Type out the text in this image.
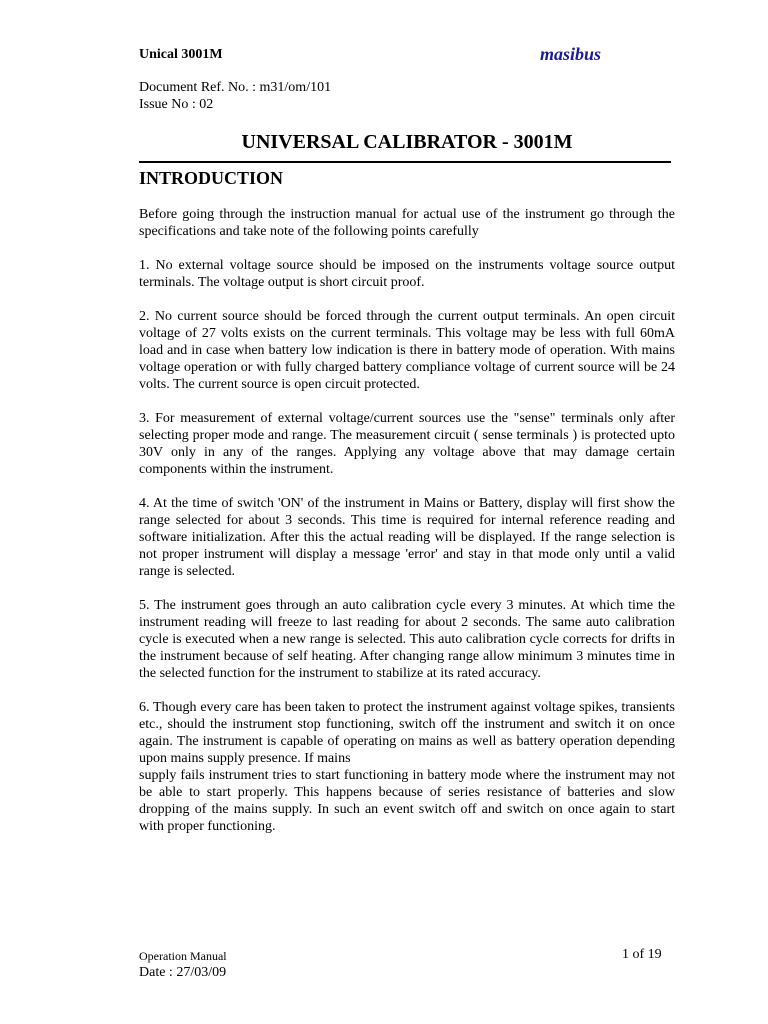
Unical 3001M	masibus
Document Ref. No. : m31/om/101
Issue No : 02
UNIVERSAL CALIBRATOR - 3001M
INTRODUCTION

Before going through the instruction manual for actual use of the instrument go through the specifications and take note of the following points carefully

1. No external voltage source should be imposed on the instruments voltage source output terminals. The voltage output is short circuit proof.

2. No current source should be forced through the current output terminals. An open circuit voltage of 27 volts exists on the current terminals. This voltage may be less with full 60mA load and in case when battery low indication is there in battery mode of operation. With mains voltage operation or with fully charged battery compliance voltage of current source will be 24 volts. The current source is open circuit protected.

3. For measurement of external voltage/current sources use the "sense" terminals only after selecting proper mode and range. The measurement circuit ( sense terminals ) is protected upto 30V only in any of the ranges. Applying any voltage above that may damage certain components within the instrument.

4. At the time of switch 'ON' of the instrument in Mains or Battery, display will first show the range selected for about 3 seconds. This time is required for internal reference reading and software initialization. After this the actual reading will be displayed. If the range selection is not proper instrument will display a message 'error' and stay in that mode only until a valid range is selected.

5. The instrument goes through an auto calibration cycle every 3 minutes. At which time the instrument reading will freeze to last reading for about 2 seconds. The same auto calibration cycle is executed when a new range is selected. This auto calibration cycle corrects for drifts in the instrument because of self heating. After changing range allow minimum 3 minutes time in the selected function for the instrument to stabilize at its rated accuracy.

6. Though every care has been taken to protect the instrument against voltage spikes, transients etc., should the instrument stop functioning, switch off the instrument and switch it on once again. The instrument is capable of operating on mains as well as battery operation depending upon mains supply presence. If mains
supply fails instrument tries to start functioning in battery mode where the instrument may not be able to start properly. This happens because of series resistance of batteries and slow dropping of the mains supply. In such an event switch off and switch on once again to start with proper functioning.

Operation Manual	1 of 19
Date : 27/03/09
